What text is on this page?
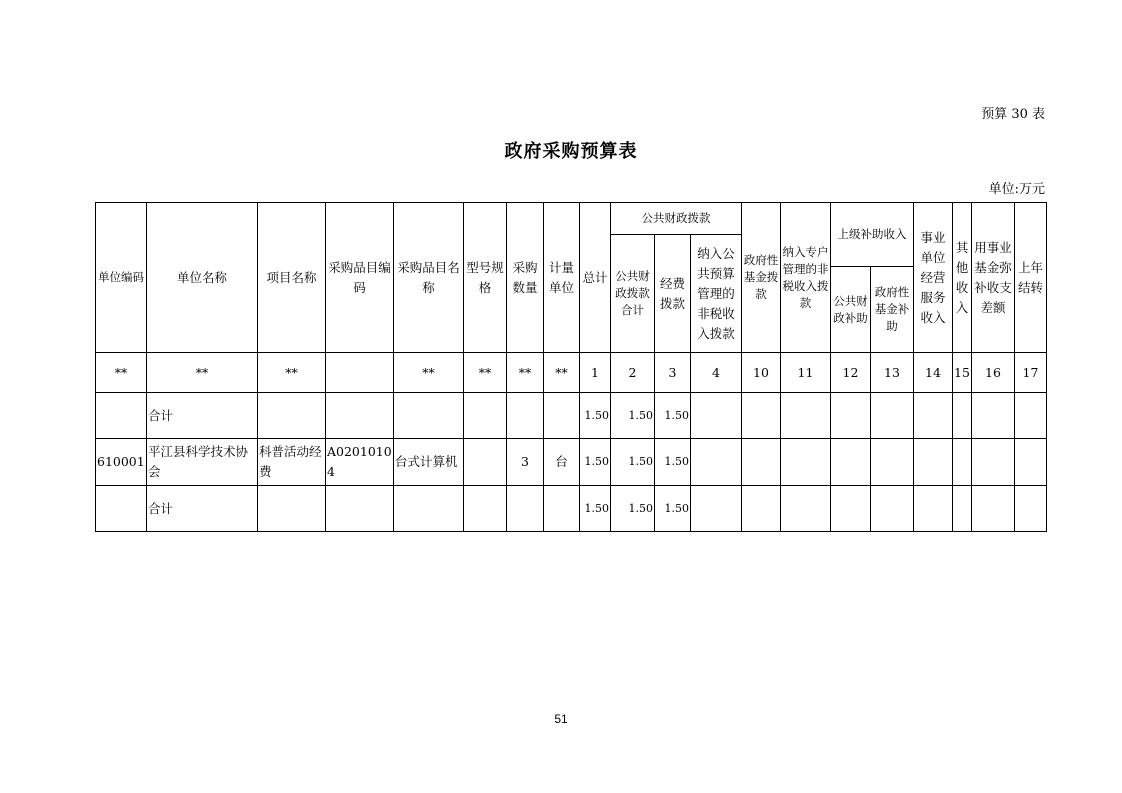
预算 30 表
政府采购预算表
单位:万元
单位编码	单位名称	项目名称	采购品目编码	采购品目名称	型号规格	采购数量	计量单位	总计	公共财政拨款			政府性基金拨款	纳入专户管理的非税收入拨款	上级补助收入		事业单位经营服务收入	其他收入	用事业基金弥补收支差额	上年结转
									公共财政拨款合计	经费拨款	纳入公共预算管理的非税收入拨款								
														公共财政补助	政府性基金补助				
**	**	**		**	**	**	**	1	2	3	4	10	11	12	13	14	15	16	17
	合计							1.50	1.50	1.50									
610001	平江县科学技术协会	科普活动经费	A02010104	台式计算机		3	台	1.50	1.50	1.50									
	合计							1.50	1.50	1.50									
51
